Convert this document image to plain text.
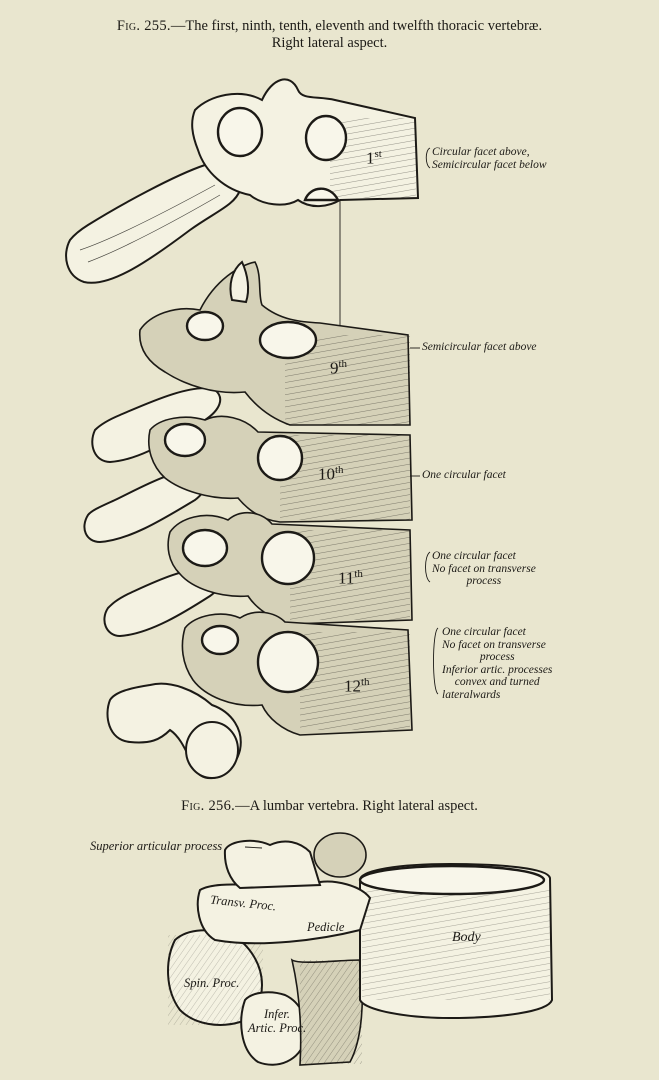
Fig. 255.—The first, ninth, tenth, eleventh and twelfth thoracic vertebræ.
Right lateral aspect.
1st
9th
10th
11th
12th
Circular facet above,
Semicircular facet below
Semicircular facet above
One circular facet
One circular facet
No facet on transverse
process
One circular facet
No facet on transverse
process
Inferior artic. processes
convex and turned
lateralwards
Fig. 256.—A lumbar vertebra. Right lateral aspect.
Superior articular process
Transv. Proc.
Pedicle
Body
Spin. Proc.
Infer.
Artic. Proc.
